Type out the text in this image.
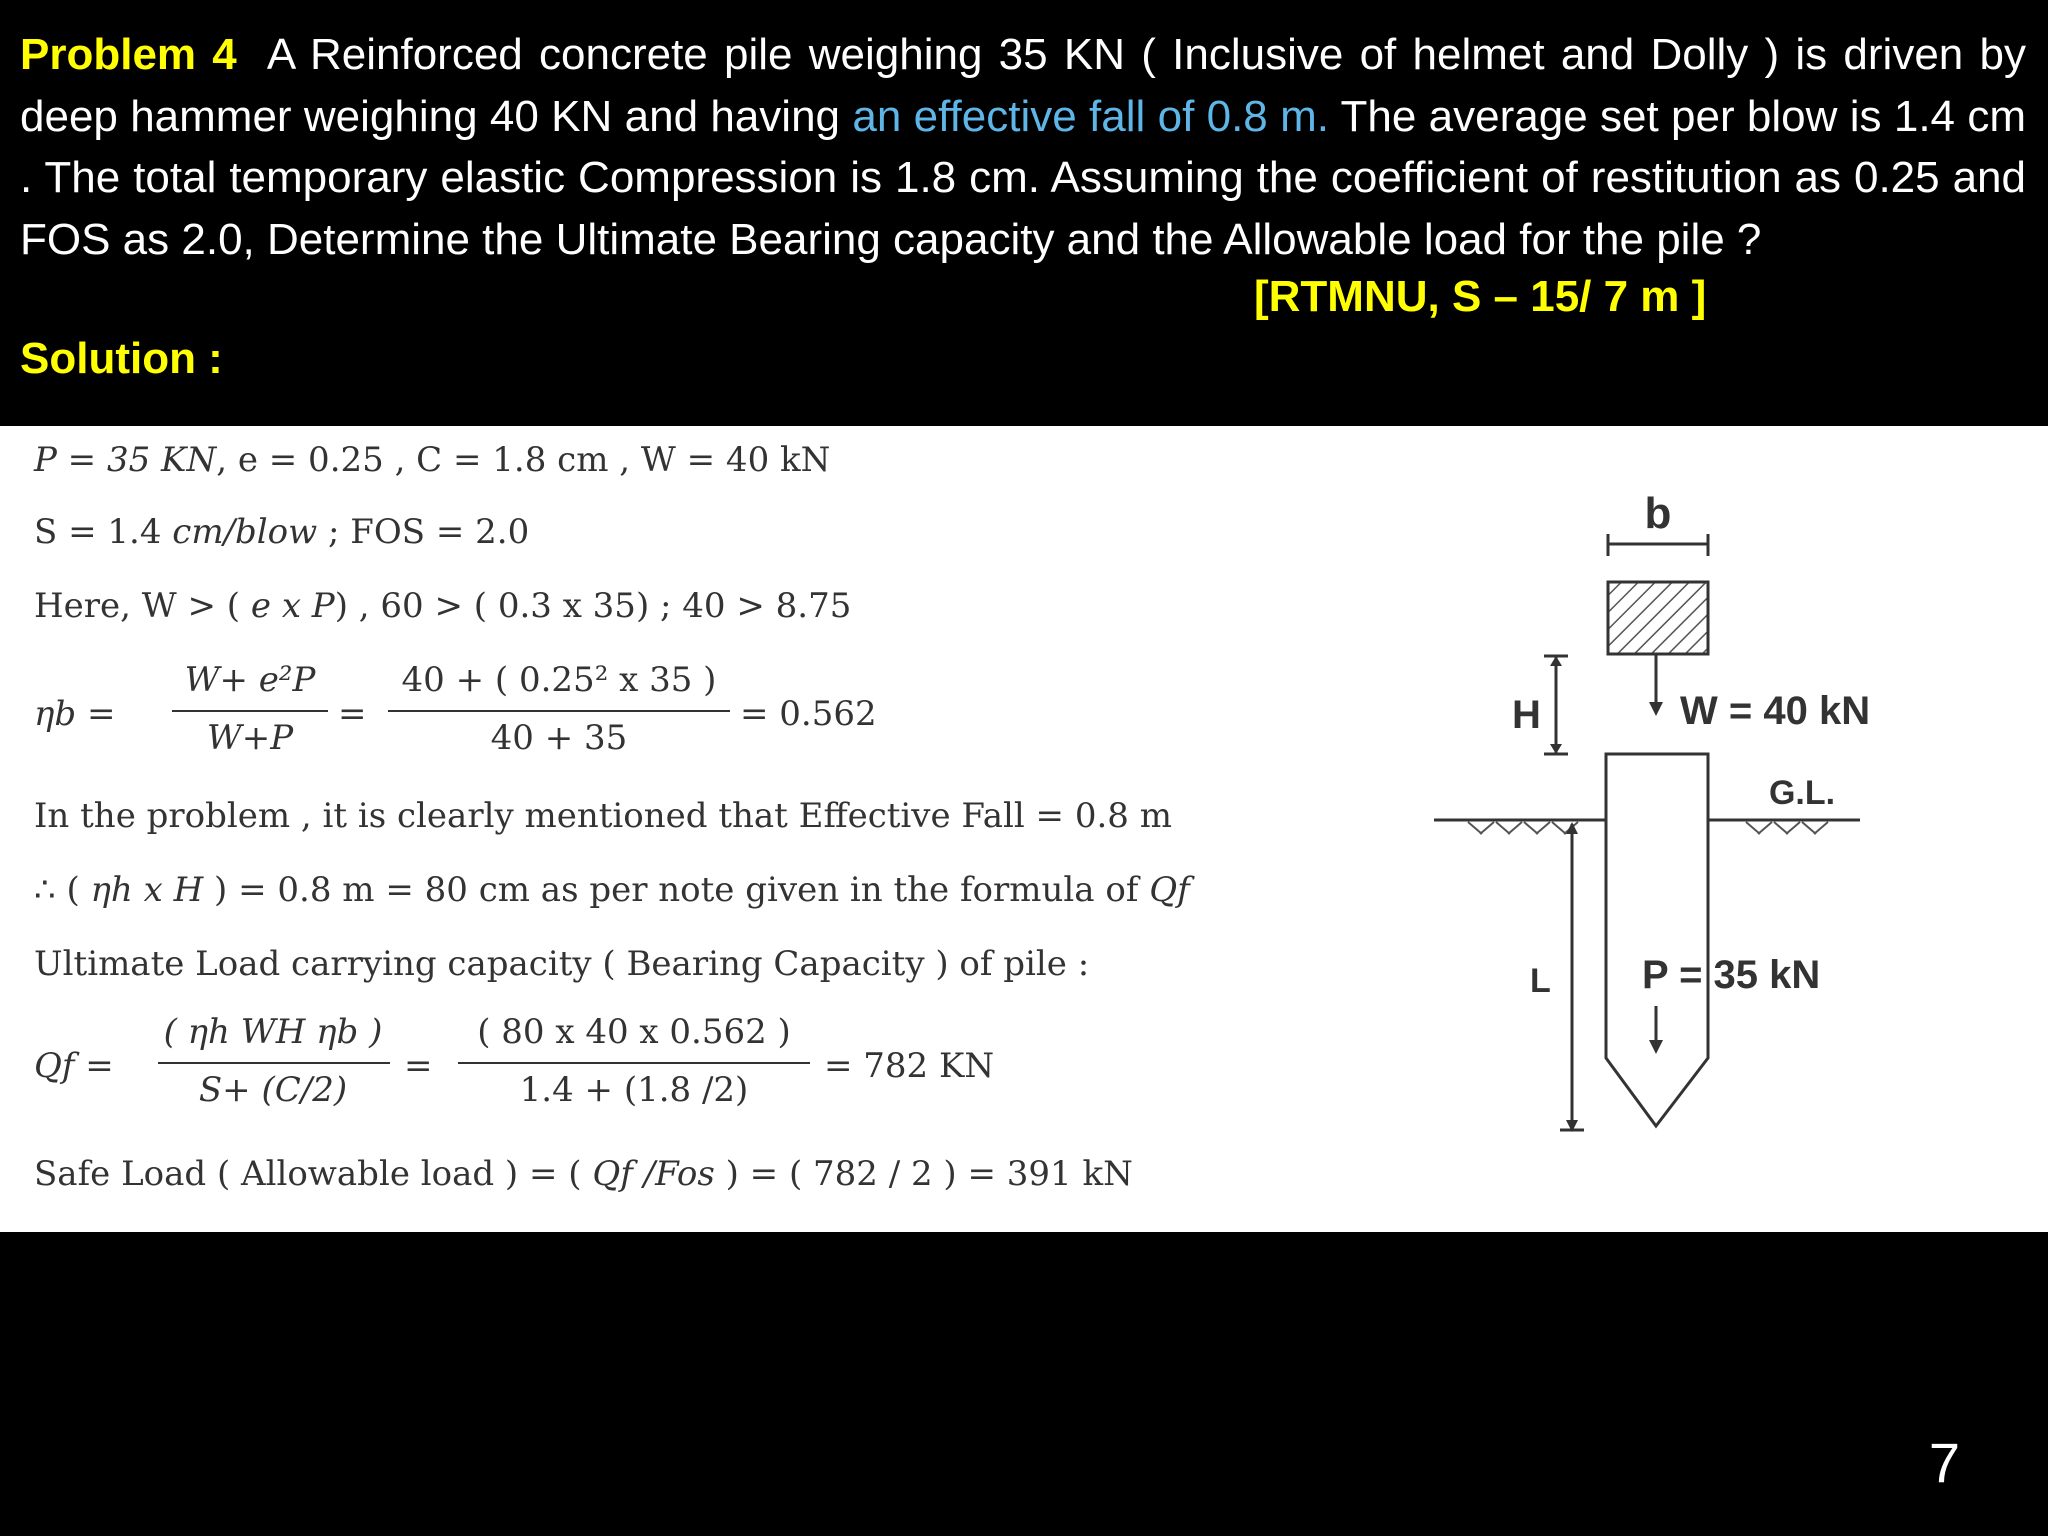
Problem 4 A Reinforced concrete pile weighing 35 KN ( Inclusive of helmet and Dolly ) is driven by deep hammer weighing 40 KN and having an effective fall of 0.8 m. The average set per blow is 1.4 cm . The total temporary elastic Compression is 1.8 cm. Assuming the coefficient of restitution as 0.25 and FOS as 2.0, Determine the Ultimate Bearing capacity and the Allowable load for the pile ?
[RTMNU, S – 15/ 7 m ]
Solution :
P = 35 KN, e = 0.25 , C = 1.8 cm , W = 40 kN
S = 1.4 cm/blow ; FOS = 2.0
Here, W > ( e x P) , 60 > ( 0.3 x 35) ; 40 > 8.75
ηb =
W+ e²P
W+P
=
40 + ( 0.25² x 35 )
40 + 35
= 0.562
In the problem , it is clearly mentioned that Effective Fall = 0.8 m
∴ ( ηh x H ) = 0.8 m = 80 cm as per note given in the formula of Qf
Ultimate Load carrying capacity ( Bearing Capacity ) of pile :
Qf =
( ηh WH ηb )
S+ (C/2)
=
( 80 x 40 x 0.562 )
1.4 + (1.8 /2)
= 782 KN
Safe Load ( Allowable load ) = ( Qf /Fos ) = ( 782 / 2 ) = 391 kN
b
W = 40 kN
H
G.L.
L P = 35 kN
7
